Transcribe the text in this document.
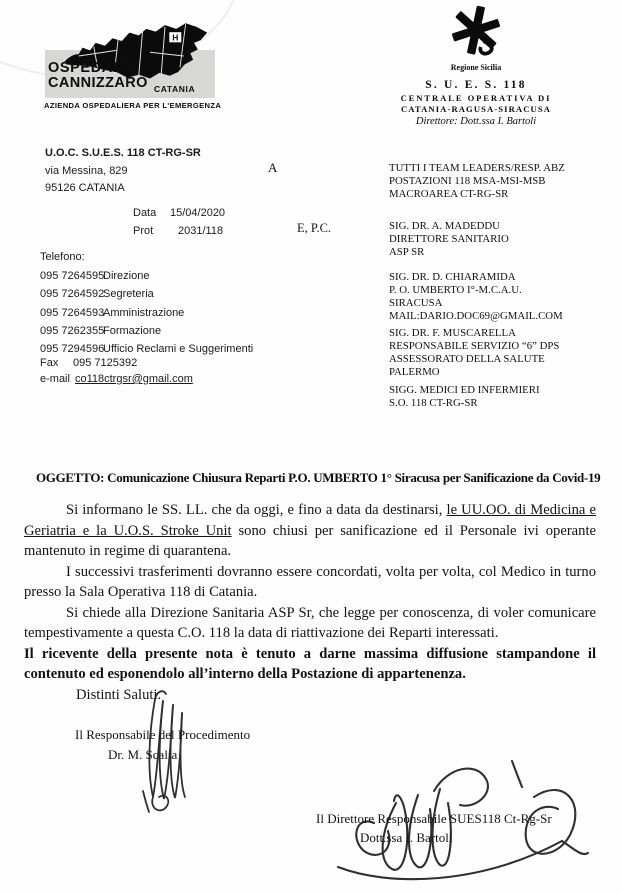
H
OSPEDALE
CANNIZZARO CATANIA
AZIENDA OSPEDALIERA PER L'EMERGENZA
Regione Sicilia
S. U. E. S. 118
CENTRALE OPERATIVA DI
CATANIA-RAGUSA-SIRACUSA
Direttore: Dott.ssa I. Bartoli
U.O.C. S.U.E.S. 118 CT-RG-SR
via Messina, 829
95126 CATANIA
Data 15/04/2020
Prot 2031/118
A
E, P.C.
Telefono:
095 7264595Direzione
095 7264592Segreteria
095 7264593Amministrazione
095 7262355Formazione
095 7294596Ufficio Reclami e Suggerimenti
Fax 095 7125392
e-mail co118ctrgsr@gmail.com
TUTTI I TEAM LEADERS/RESP. ABZ
POSTAZIONI 118 MSA-MSI-MSB
MACROAREA CT-RG-SR
SIG. DR. A. MADEDDU
DIRETTORE SANITARIO
ASP SR
SIG. DR. D. CHIARAMIDA
P. O. UMBERTO I°-M.C.A.U.
SIRACUSA
MAIL:DARIO.DOC69@GMAIL.COM
SIG. DR. F. MUSCARELLA
RESPONSABILE SERVIZIO “6” DPS
ASSESSORATO DELLA SALUTE
PALERMO
SIGG. MEDICI ED INFERMIERI
S.O. 118 CT-RG-SR
OGGETTO: Comunicazione Chiusura Reparti P.O. UMBERTO 1° Siracusa per Sanificazione da Covid-19

Si informano le SS. LL. che da oggi, e fino a data da destinarsi, le UU.OO. di Medicina e Geriatria e la U.O.S. Stroke Unit sono chiusi per sanificazione ed il Personale ivi operante mantenuto in regime di quarantena.

I successivi trasferimenti dovranno essere concordati, volta per volta, col Medico in turno presso la Sala Operativa 118 di Catania.

Si chiede alla Direzione Sanitaria ASP Sr, che legge per conoscenza, di voler comunicare tempestivamente a questa C.O. 118 la data di riattivazione dei Reparti interessati.

Il ricevente della presente nota è tenuto a darne massima diffusione stampandone il contenuto ed esponendolo all’interno della Postazione di appartenenza.

Distinti Saluti.

Il Responsabile del Procedimento
Dr. M. Scalia
Il Direttore Responsabile SUES118 Ct-Rg-Sr
Dott.ssa I. Bartoli
